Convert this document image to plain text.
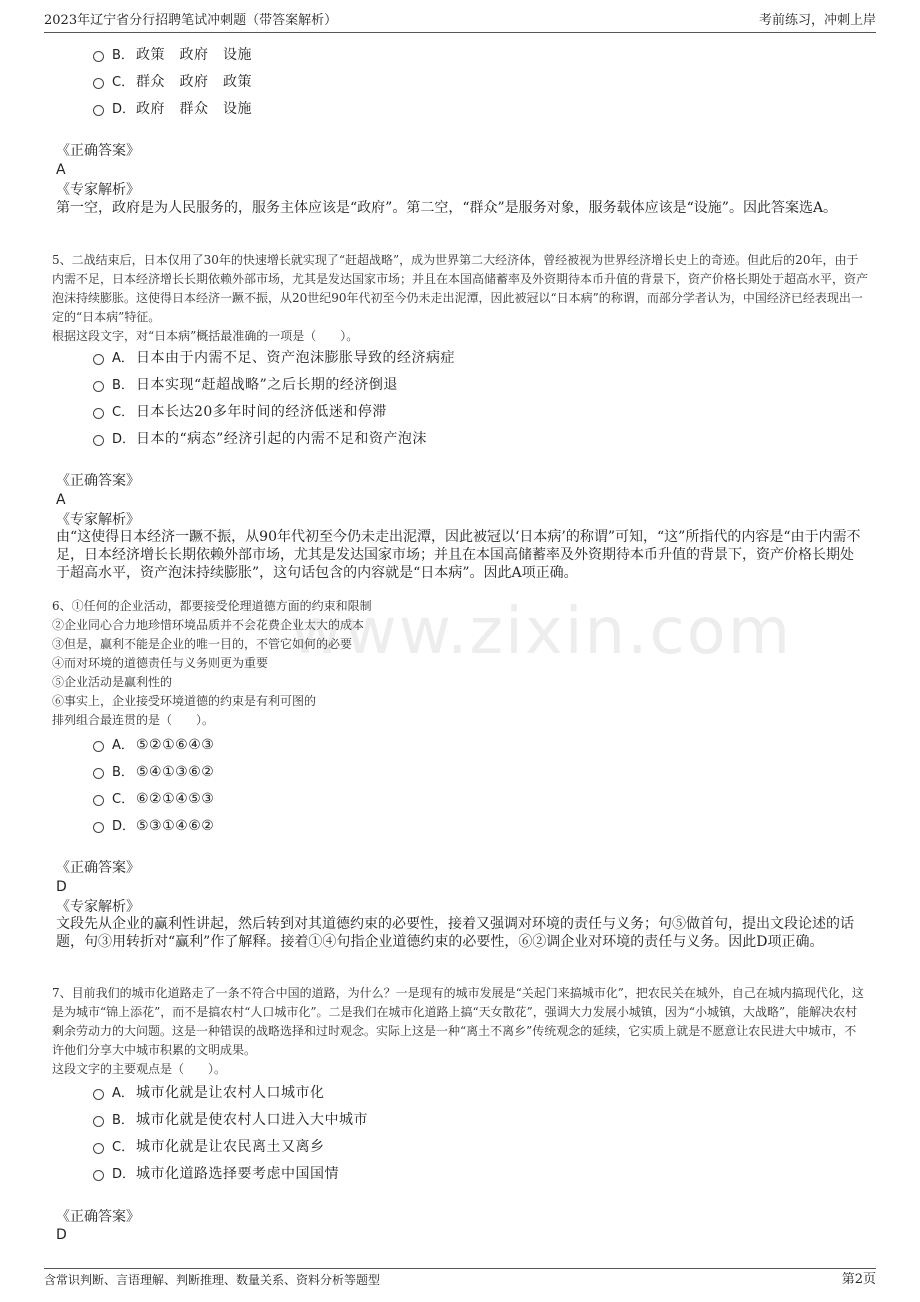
2023年辽宁省分行招聘笔试冲刺题（带答案解析）	考前练习，冲刺上岸
www.zixin.com
B． 政策　政府　设施
C． 群众　政府　政策
D．政府　群众　设施
《正确答案》
A
《专家解析》
第一空，政府是为人民服务的，服务主体应该是“政府”。第二空，“群众”是服务对象，服务载体应该是“设施”。因此答案选A。

5、二战结束后，日本仅用了30年的快速增长就实现了“赶超战略”，成为世界第二大经济体，曾经被视为世界经济增长史上的奇迹。但此后的20年，由于内需不足，日本经济增长长期依赖外部市场，尤其是发达国家市场；并且在本国高储蓄率及外资期待本币升值的背景下，资产价格长期处于超高水平，资产泡沫持续膨胀。这使得日本经济一蹶不振，从20世纪90年代初至今仍未走出泥潭，因此被冠以“日本病”的称谓，而部分学者认为，中国经济已经表现出一定的“日本病”特征。

根据这段文字，对“日本病”概括最准确的一项是（　　）。

A． 日本由于内需不足、资产泡沫膨胀导致的经济病症
B． 日本实现“赶超战略”之后长期的经济倒退
C． 日本长达20多年时间的经济低迷和停滞
D．日本的“病态”经济引起的内需不足和资产泡沫
《正确答案》
A
《专家解析》
由“这使得日本经济一蹶不振，从90年代初至今仍未走出泥潭，因此被冠以‘日本病’的称谓”可知，“这”所指代的内容是“由于内需不足，日本经济增长长期依赖外部市场，尤其是发达国家市场；并且在本国高储蓄率及外资期待本币升值的背景下，资产价格长期处于超高水平，资产泡沫持续膨胀”，这句话包含的内容就是“日本病”。因此A项正确。

6、①任何的企业活动，都要接受伦理道德方面的约束和限制

②企业同心合力地珍惜环境品质并不会花费企业太大的成本

③但是，赢利不能是企业的唯一目的，不管它如何的必要

④而对环境的道德责任与义务则更为重要

⑤企业活动是赢利性的

⑥事实上，企业接受环境道德的约束是有利可图的

排列组合最连贯的是（　　）。

A． ⑤②①⑥④③
B． ⑤④①③⑥②
C． ⑥②①④⑤③
D．⑤③①④⑥②
《正确答案》
D
《专家解析》
文段先从企业的赢利性讲起，然后转到对其道德约束的必要性，接着又强调对环境的责任与义务；句⑤做首句，提出文段论述的话题，句③用转折对“赢利”作了解释。接着①④句指企业道德约束的必要性，⑥②调企业对环境的责任与义务。因此D项正确。

7、目前我们的城市化道路走了一条不符合中国的道路，为什么？一是现有的城市发展是“关起门来搞城市化”，把农民关在城外，自己在城内搞现代化，这是为城市“锦上添花”，而不是搞农村“人口城市化”。二是我们在城市化道路上搞“天女散花”，强调大力发展小城镇，因为“小城镇，大战略”，能解决农村剩余劳动力的大问题。这是一种错误的战略选择和过时观念。实际上这是一种“离土不离乡”传统观念的延续，它实质上就是不愿意让农民进大中城市，不许他们分享大中城市积累的文明成果。

这段文字的主要观点是（　　）。

A． 城市化就是让农村人口城市化
B． 城市化就是使农村人口进入大中城市
C． 城市化就是让农民离土又离乡
D．城市化道路选择要考虑中国国情
《正确答案》
D
含常识判断、言语理解、判断推理、数量关系、资料分析等题型	第2页
